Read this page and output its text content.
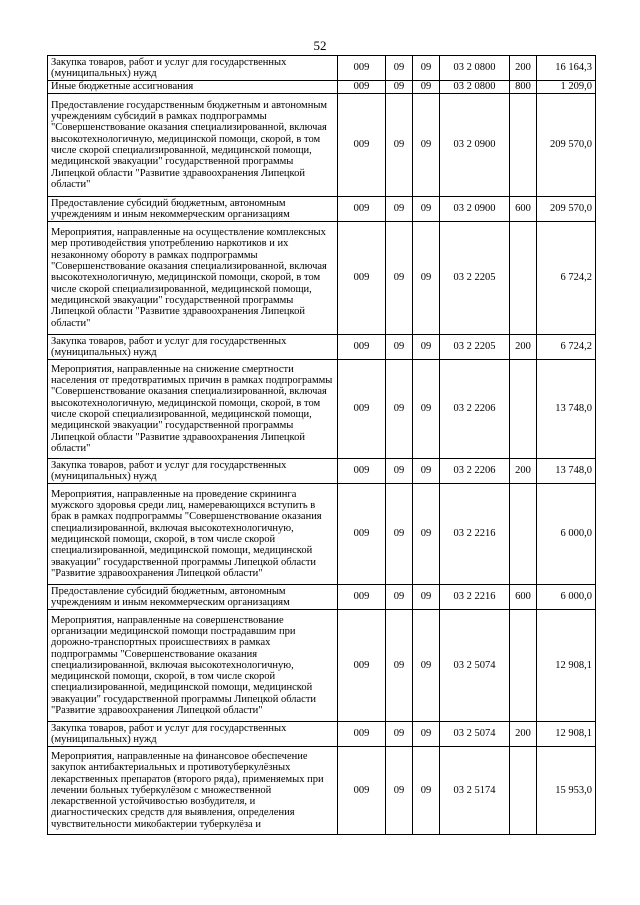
52
Закупка товаров, работ и услуг для государственных (муниципальных) нужд	009	09	09	03 2 0800	200	16 164,3
Иные бюджетные ассигнования	009	09	09	03 2 0800	800	1 209,0
Предоставление государственным бюджетным и автономным учреждениям субсидий в рамках подпрограммы "Совершенствование оказания специализированной, включая высокотехнологичную, медицинской помощи, скорой, в том числе скорой специализированной, медицинской помощи, медицинской эвакуации" государственной программы Липецкой области "Развитие здравоохранения Липецкой области"	009	09	09	03 2 0900		209 570,0
Предоставление субсидий бюджетным, автономным учреждениям и иным некоммерческим организациям	009	09	09	03 2 0900	600	209 570,0
Мероприятия, направленные на осуществление комплексных мер противодействия употреблению наркотиков и их незаконному обороту в рамках подпрограммы "Совершенствование оказания специализированной, включая высокотехнологичную, медицинской помощи, скорой, в том числе скорой специализированной, медицинской помощи, медицинской эвакуации" государственной программы Липецкой области "Развитие здравоохранения Липецкой области"	009	09	09	03 2 2205		6 724,2
Закупка товаров, работ и услуг для государственных (муниципальных) нужд	009	09	09	03 2 2205	200	6 724,2
Мероприятия, направленные на снижение смертности населения от предотвратимых причин в рамках подпрограммы "Совершенствование оказания специализированной, включая высокотехнологичную, медицинской помощи, скорой, в том числе скорой специализированной, медицинской помощи, медицинской эвакуации" государственной программы Липецкой области "Развитие здравоохранения Липецкой области"	009	09	09	03 2 2206		13 748,0
Закупка товаров, работ и услуг для государственных (муниципальных) нужд	009	09	09	03 2 2206	200	13 748,0
Мероприятия, направленные на проведение скрининга мужского здоровья среди лиц, намеревающихся вступить в брак в рамках подпрограммы "Совершенствование оказания специализированной, включая высокотехнологичную, медицинской помощи, скорой, в том числе скорой специализированной, медицинской помощи, медицинской эвакуации" государственной программы Липецкой области "Развитие здравоохранения Липецкой области"	009	09	09	03 2 2216		6 000,0
Предоставление субсидий бюджетным, автономным учреждениям и иным некоммерческим организациям	009	09	09	03 2 2216	600	6 000,0
Мероприятия, направленные на совершенствование организации медицинской помощи пострадавшим при дорожно-транспортных происшествиях в рамках подпрограммы "Совершенствование оказания специализированной, включая высокотехнологичную, медицинской помощи, скорой, в том числе скорой специализированной, медицинской помощи, медицинской эвакуации" государственной программы Липецкой области "Развитие здравоохранения Липецкой области"	009	09	09	03 2 5074		12 908,1
Закупка товаров, работ и услуг для государственных (муниципальных) нужд	009	09	09	03 2 5074	200	12 908,1
Мероприятия, направленные на финансовое обеспечение закупок антибактериальных и противотуберкулёзных лекарственных препаратов (второго ряда), применяемых при лечении больных туберкулёзом с множественной лекарственной устойчивостью возбудителя, и диагностических средств для выявления, определения чувствительности микобактерии туберкулёза и	009	09	09	03 2 5174		15 953,0
